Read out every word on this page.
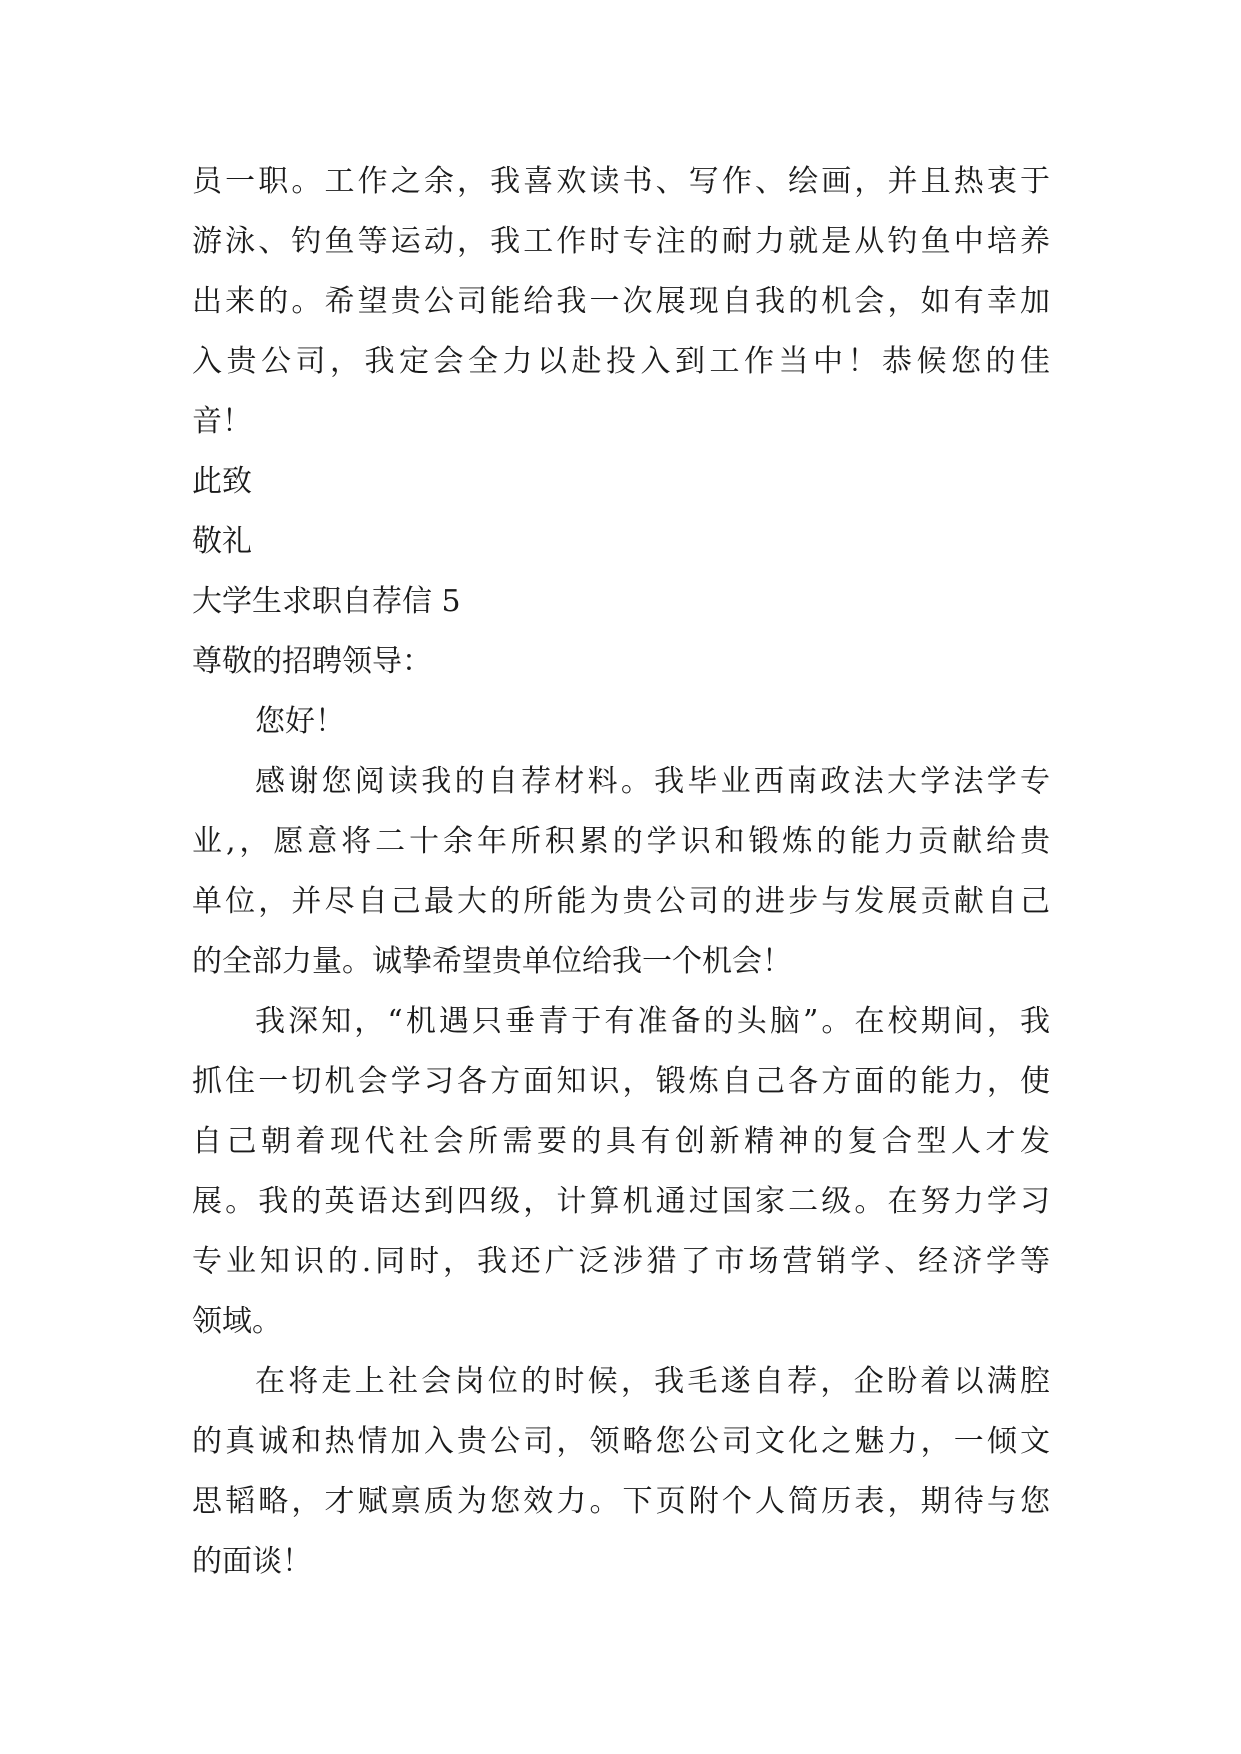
员一职。工作之余，我喜欢读书、写作、绘画，并且热衷于
游泳、钓鱼等运动，我工作时专注的耐力就是从钓鱼中培养
出来的。希望贵公司能给我一次展现自我的机会，如有幸加
入贵公司，我定会全力以赴投入到工作当中！恭候您的佳
音！
此致
敬礼
大学生求职自荐信 5
尊敬的招聘领导：
您好！
感谢您阅读我的自荐材料。我毕业西南政法大学法学专
业,，愿意将二十余年所积累的学识和锻炼的能力贡献给贵
单位，并尽自己最大的所能为贵公司的进步与发展贡献自己
的全部力量。诚挚希望贵单位给我一个机会！
我深知，“机遇只垂青于有准备的头脑”。在校期间，我
抓住一切机会学习各方面知识，锻炼自己各方面的能力，使
自己朝着现代社会所需要的具有创新精神的复合型人才发
展。我的英语达到四级，计算机通过国家二级。在努力学习
专业知识的.同时，我还广泛涉猎了市场营销学、经济学等
领域。
在将走上社会岗位的时候，我毛遂自荐，企盼着以满腔
的真诚和热情加入贵公司，领略您公司文化之魅力，一倾文
思韬略，才赋禀质为您效力。下页附个人简历表，期待与您
的面谈！
